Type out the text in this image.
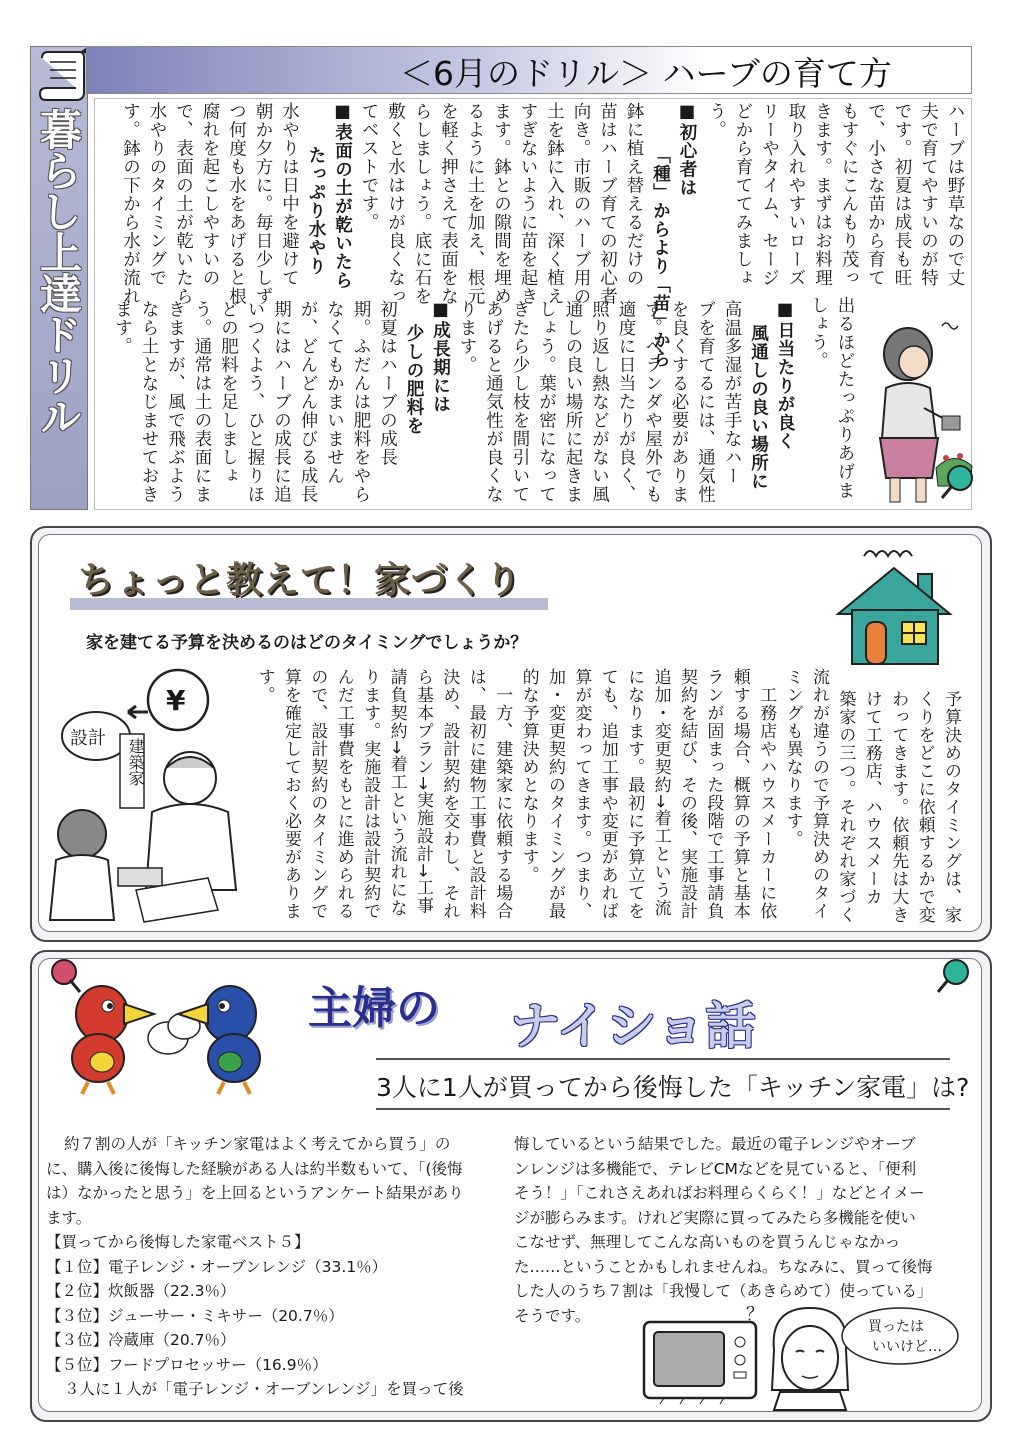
暮らし上達ドリル
＜6月のドリル＞ ハーブの育て方
ハーブは野草なので丈
夫で育てやすいのが特
です。初夏は成長も旺
で、小さな苗から育て
もすぐにこんもり茂っ
きます。まずはお料理
取り入れやすいローズ
リーやタイム、セージ
どから育ててみましょ
う。
■初心者は
「種」からより「苗」から
鉢に植え替えるだけの
苗はハーブ育ての初心者
向き。市販のハーブ用の
土を鉢に入れ、深く植え
すぎないように苗を起き
ます。鉢との隙間を埋め
るように土を加え、根元
を軽く押さえて表面をな
らしましょう。底に石を
敷くと水はけが良くなっ
てベストです。
■表面の土が乾いたら
たっぷり水やり
水やりは日中を避けて
朝か夕方に。毎日少しず
つ何度も水をあげると根
腐れを起こしやすいの
で、表面の土が乾いたら
水やりのタイミングで
す。鉢の下から水が流れ
出るほどたっぷりあげま
しょう。
■日当たりが良く
風通しの良い場所に
高温多湿が苦手なハー
ブを育てるには、通気性
を良くする必要がありま
す。ベランダや屋外でも
適度に日当たりが良く、
照り返し熱などがない風
通しの良い場所に起きま
しょう。葉が密になって
きたら少し枝を間引いて
あげると通気性が良くな
ります。
■成長期には
少しの肥料を
初夏はハーブの成長
期。ふだんは肥料をやら
なくてもかまいません
が、どんどん伸びる成長
期にはハーブの成長に追
いつくよう、ひと握りほ
どの肥料を足しましょ
う。通常は土の表面にま
きますが、風で飛ぶよう
なら土となじませておき
ます。
ちょっと教えて！家づくり
家を建てる予算を決めるのはどのタイミングでしょうか？
¥
設計 建築家
予算決めのタイミングは、家
くりをどこに依頼するかで変
わってきます。依頼先は大き
けて工務店、ハウスメーカ
築家の三つ。それぞれ家づく
流れが違うので予算決めのタイ
ミングも異なります。
工務店やハウスメーカーに依
頼する場合、概算の予算と基本
ランが固まった段階で工事請負
契約を結び、その後、実施設計
追加・変更契約→着工という流
になります。最初に予算立てを
ても、追加工事や変更があれば
算が変わってきます。つまり、
加・変更契約のタイミングが最
的な予算決めとなります。
一方、建築家に依頼する場合
は、最初に建物工事費と設計料
決め、設計契約を交わし、それ
ら基本プラン→実施設計→工事
請負契約→着工という流れにな
ります。実施設計は設計契約で
んだ工事費をもとに進められる
ので、設計契約のタイミングで
算を確定しておく必要がありま
す。
主婦の ナイショ話
3人に1人が買ってから後悔した「キッチン家電」は?
約７割の人が「キッチン家電はよく考えてから買う」の
に、購入後に後悔した経験がある人は約半数もいて、「(後悔
は）なかったと思う」を上回るというアンケート結果があり
ます。
【買ってから後悔した家電ベスト５】
【１位】電子レンジ・オーブンレンジ（33.1％）
【２位】炊飯器（22.3％）
【３位】ジューサー・ミキサー（20.7％）
【３位】冷蔵庫（20.7％）
【５位】フードプロセッサー（16.9％）
３人に１人が「電子レンジ・オーブンレンジ」を買って後
悔しているという結果でした。最近の電子レンジやオーブ
ンレンジは多機能で、テレビCMなどを見ていると、「便利
そう！」「これさえあればお料理らくらく！」などとイメー
ジが膨らみます。けれど実際に買ってみたら多機能を使い
こなせず、無理してこんな高いものを買うんじゃなかっ
た……ということかもしれませんね。ちなみに、買って後悔
した人のうち７割は「我慢して（あきらめて）使っている」
そうです。	？
買ったは
いいけど…
